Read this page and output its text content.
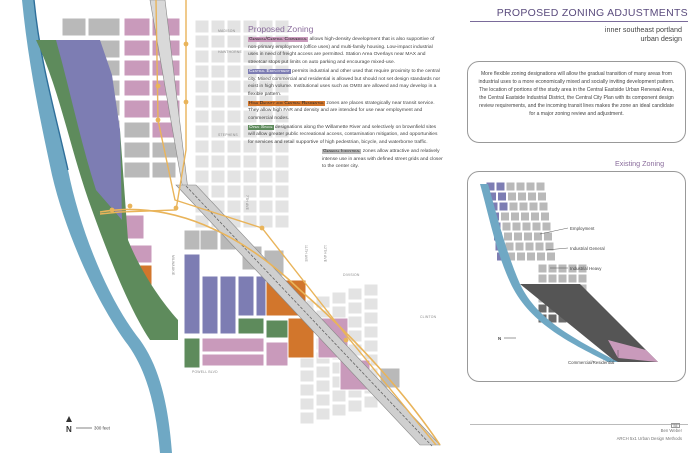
MADISON
HAWTHORNE
STEPHENS
DIVISION
CLINTON
POWELL BLVD
7TH AVE
11TH AVE	12TH AVE
MILWAUKIE
PROPOSED ZONING ADJUSTMENTS
inner southeast portland
urban design
Proposed Zoning
General/Central Commercial allows high-density development that is also supportive of non-primary employment (office uses) and multi-family housing. Low-impact industrial uses in need of freight access are permitted. Station Area Overlays near MAX and streetcar stops put limits on auto parking and encourage mixed-use.
Central Employment permits industrial and other used that require proximity to the central city. Mixed commercial and residential is allowed but should not set design standards nor exist in high volume. Institutional uses such as OMSI are allowed and may develop in a flexible pattern.
High Density and Central Residential zones are places strategically near transit service. They allow high FAR and density and are intended for use near employment and commercial nodes.
Open Space designations along the Willamette River and selectively on brownfield sites will allow greater public recreational access, contamination mitigation, and opportunities for services and retail supportive of high pedestrian, bicycle, and waterborne traffic.
General Industrial zones allow attractive and relatively intense use in areas with defined street grids and closer to the center city.
More flexible zoning designations will allow the gradual transition of many areas from industrial uses to a more economically mixed and socially inviting development pattern. The location of portions of the study area in the Central Eastside Urban Renewal Area, the Central Eastside Industrial District, the Central City Plan with its component design review requirements, and the incoming transit lines makes the zone an ideal candidate for a major zoning review and adjustment.
Existing Zoning
Employment
Industrial General
Industrial Heavy
Commercial/Residential
N
N	300 feet	B5
Ben Weber
ARCH 5x1 Urban Design Methods
